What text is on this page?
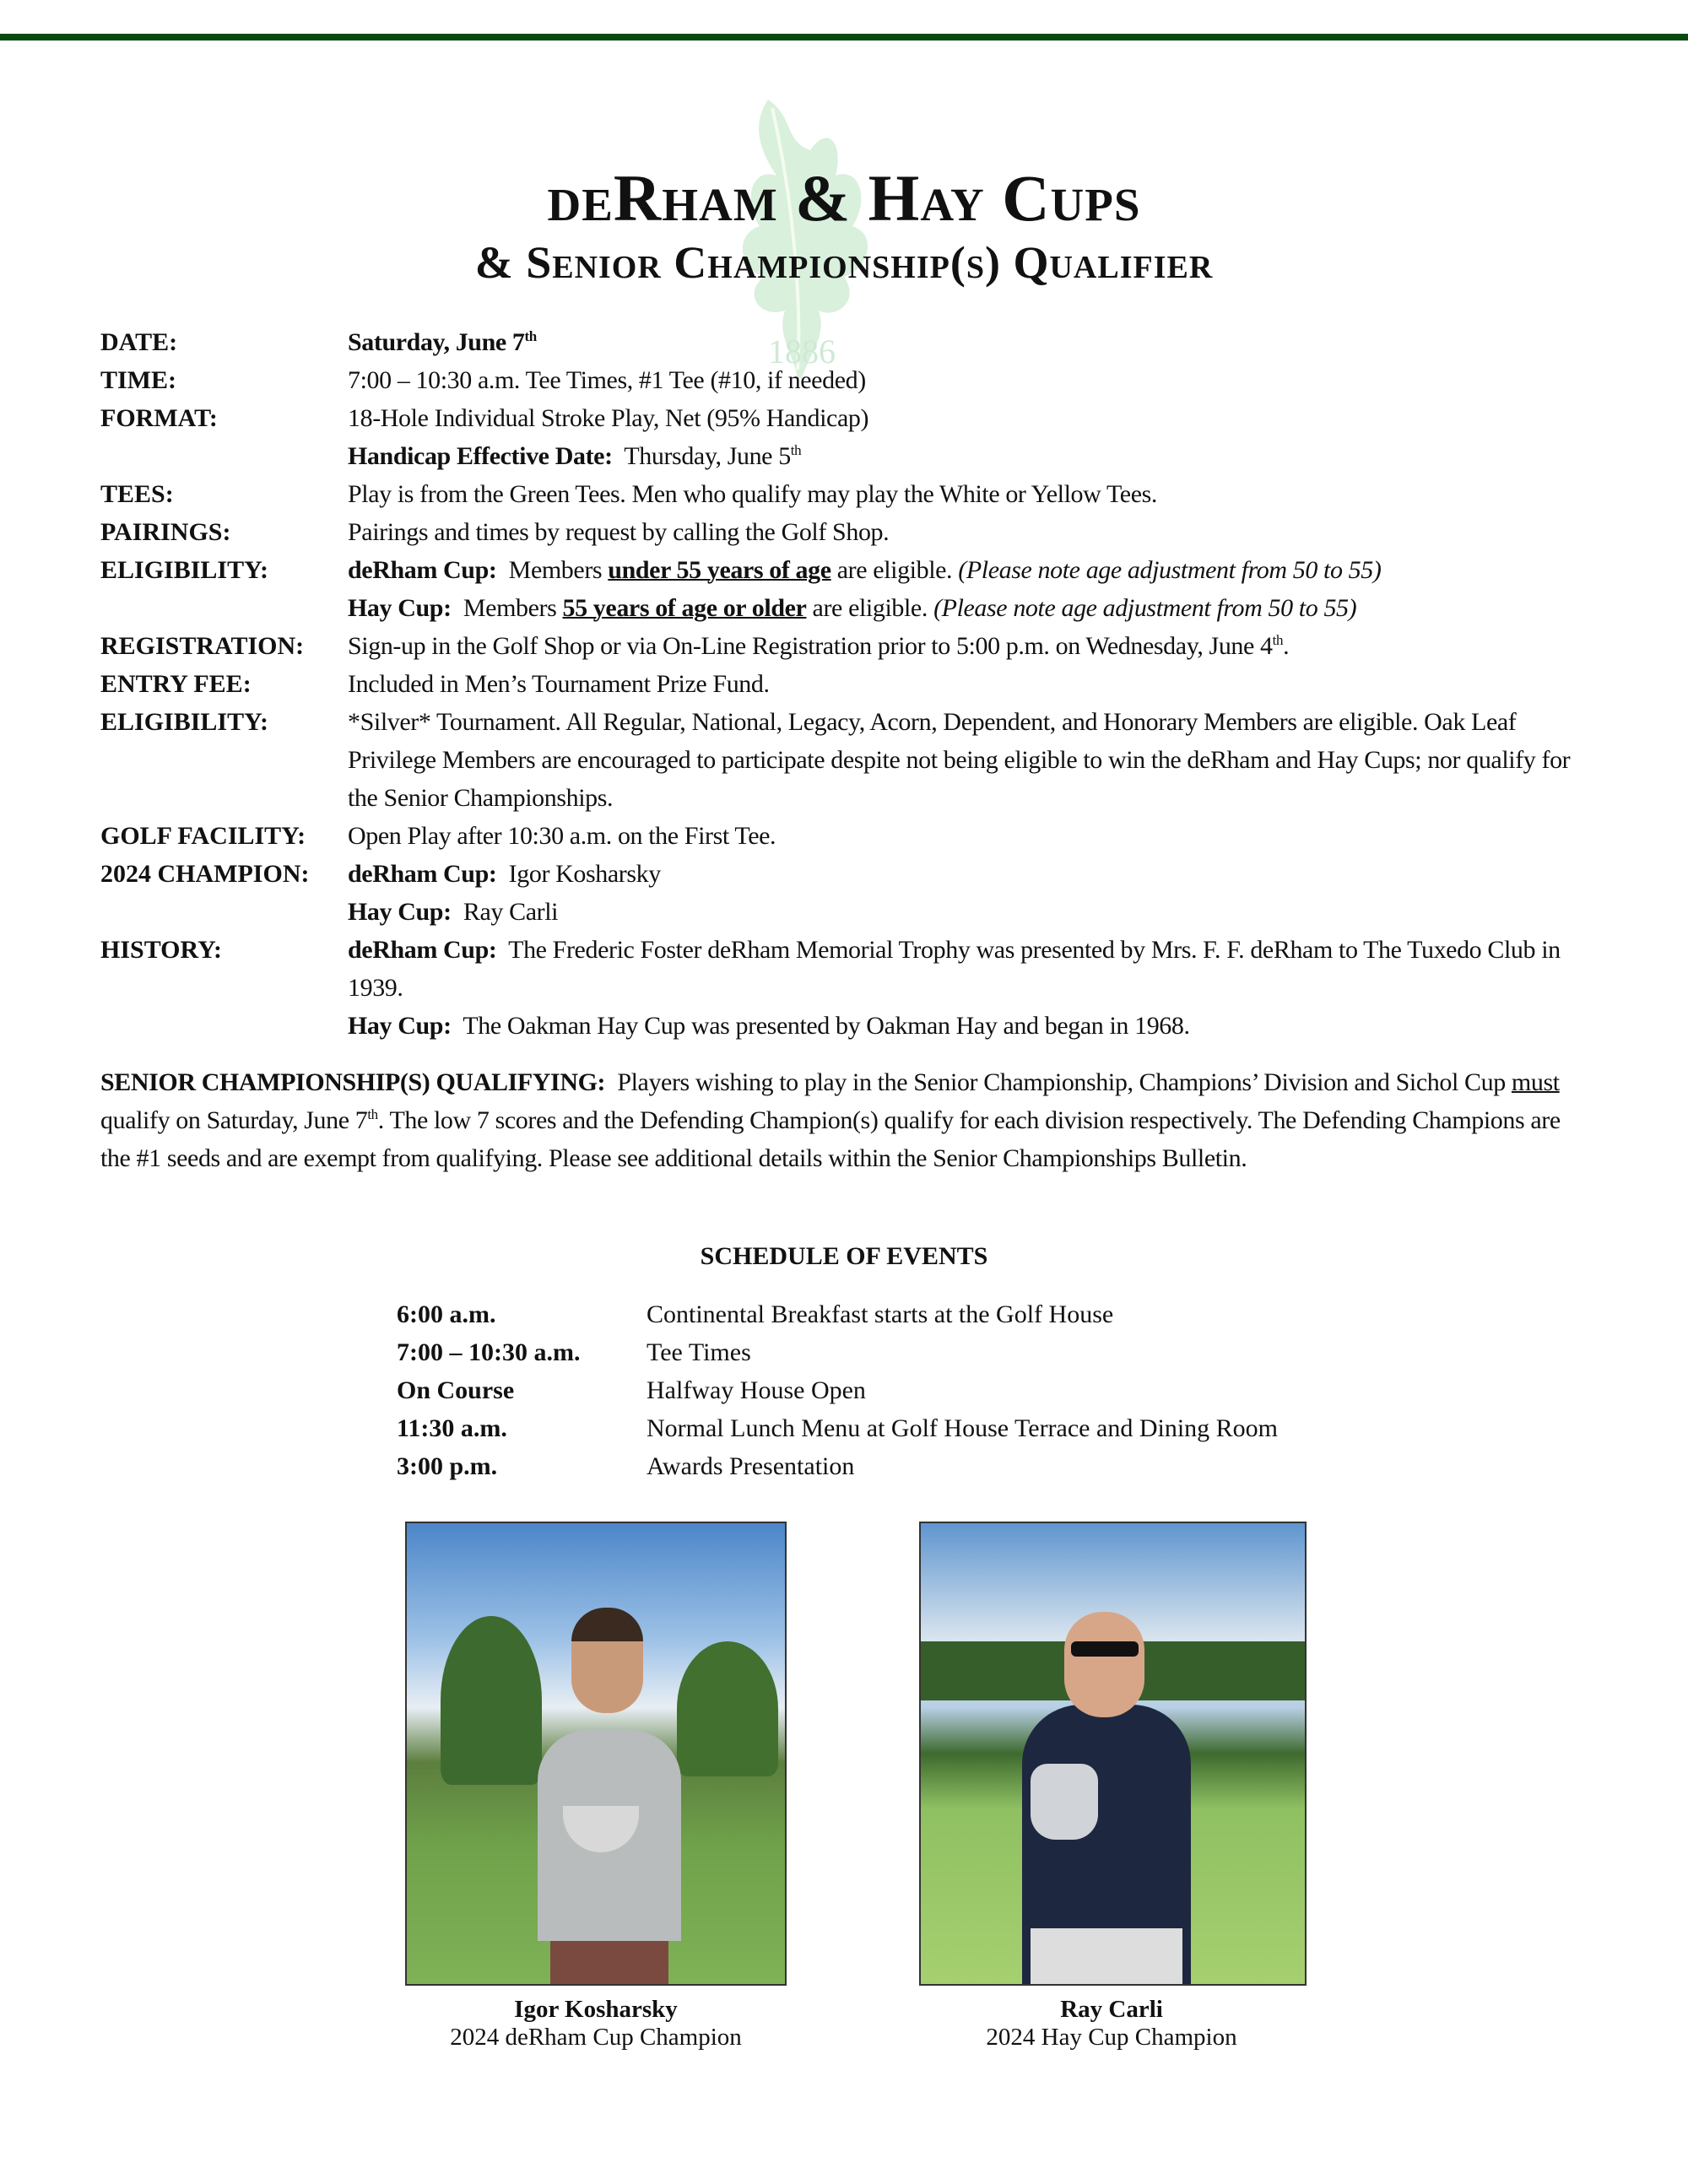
1886
deRham & Hay Cups
& Senior Championship(s) Qualifier
DATE:	Saturday, June 7th
TIME:	7:00 – 10:30 a.m. Tee Times, #1 Tee (#10, if needed)
FORMAT:	18-Hole Individual Stroke Play, Net (95% Handicap)
Handicap Effective Date: Thursday, June 5th
TEES:	Play is from the Green Tees. Men who qualify may play the White or Yellow Tees.
PAIRINGS:	Pairings and times by request by calling the Golf Shop.
ELIGIBILITY:	deRham Cup: Members under 55 years of age are eligible. (Please note age adjustment from 50 to 55)
Hay Cup: Members 55 years of age or older are eligible. (Please note age adjustment from 50 to 55)
REGISTRATION:	Sign-up in the Golf Shop or via On-Line Registration prior to 5:00 p.m. on Wednesday, June 4th.
ENTRY FEE:	Included in Men’s Tournament Prize Fund.
ELIGIBILITY:	*Silver* Tournament. All Regular, National, Legacy, Acorn, Dependent, and Honorary Members are eligible. Oak Leaf Privilege Members are encouraged to participate despite not being eligible to win the deRham and Hay Cups; nor qualify for the Senior Championships.
GOLF FACILITY:	Open Play after 10:30 a.m. on the First Tee.
2024 CHAMPION:	deRham Cup: Igor Kosharsky
Hay Cup: Ray Carli
HISTORY:	deRham Cup: The Frederic Foster deRham Memorial Trophy was presented by Mrs. F. F. deRham to The Tuxedo Club in 1939.
Hay Cup: The Oakman Hay Cup was presented by Oakman Hay and began in 1968.
SENIOR CHAMPIONSHIP(S) QUALIFYING: Players wishing to play in the Senior Championship, Champions’ Division and Sichol Cup must qualify on Saturday, June 7th. The low 7 scores and the Defending Champion(s) qualify for each division respectively. The Defending Champions are the #1 seeds and are exempt from qualifying. Please see additional details within the Senior Championships Bulletin.
SCHEDULE OF EVENTS
6:00 a.m.	Continental Breakfast starts at the Golf House
7:00 – 10:30 a.m.	Tee Times
On Course	Halfway House Open
11:30 a.m.	Normal Lunch Menu at Golf House Terrace and Dining Room
3:00 p.m.	Awards Presentation
Igor Kosharsky
2024 deRham Cup Champion
Ray Carli
2024 Hay Cup Champion
